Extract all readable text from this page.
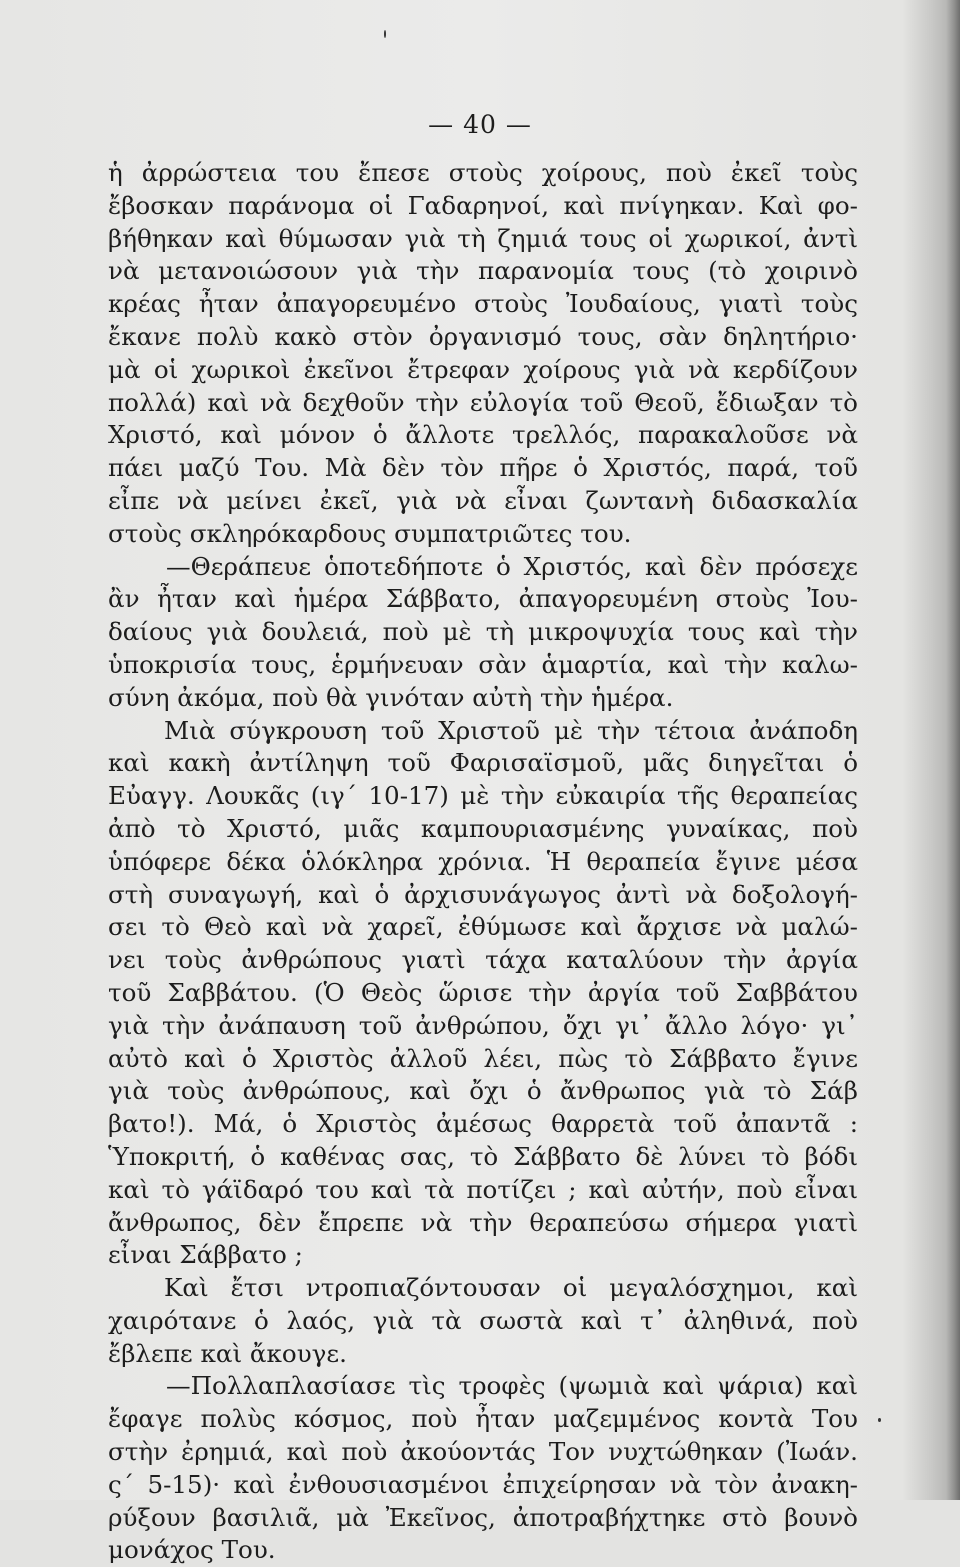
— 40 —
ἡ ἀρρώστεια του ἔπεσε στοὺς χοίρους, ποὺ ἐκεῖ τοὺς
ἔβοσκαν παράνομα οἱ Γαδαρηνοί, καὶ πνίγηκαν. Καὶ φο-
βήθηκαν καὶ θύμωσαν γιὰ τὴ ζημιά τους οἱ χωρικοί, ἀντὶ
νὰ μετανοιώσουν γιὰ τὴν παρανομία τους (τὸ χοιρινὸ
κρέας ἦταν ἀπαγορευμένο στοὺς Ἰουδαίους, γιατὶ τοὺς
ἔκανε πολὺ κακὸ στὸν ὀργανισμό τους, σὰν δηλητήριο·
μὰ οἱ χωρικοὶ ἐκεῖνοι ἔτρεφαν χοίρους γιὰ νὰ κερδίζουν
πολλά) καὶ νὰ δεχθοῦν τὴν εὐλογία τοῦ Θεοῦ, ἔδιωξαν τὸ
Χριστό, καὶ μόνον ὁ ἄλλοτε τρελλός, παρακαλοῦσε νὰ
πάει μαζύ Του. Μὰ δὲν τὸν πῆρε ὁ Χριστός, παρά, τοῦ
εἶπε νὰ μείνει ἐκεῖ, γιὰ νὰ εἶναι ζωντανὴ διδασκαλία
στοὺς σκληρόκαρδους συμπατριῶτες του.
—Θεράπευε ὁποτεδήποτε ὁ Χριστός, καὶ δὲν πρόσεχε
ἂν ἦταν καὶ ἡμέρα Σάββατο, ἀπαγορευμένη στοὺς Ἰου-
δαίους γιὰ δουλειά, ποὺ μὲ τὴ μικροψυχία τους καὶ τὴν
ὑποκρισία τους, ἑρμήνευαν σὰν ἁμαρτία, καὶ τὴν καλω-
σύνη ἀκόμα, ποὺ θὰ γινόταν αὐτὴ τὴν ἡμέρα.
Μιὰ σύγκρουση τοῦ Χριστοῦ μὲ τὴν τέτοια ἀνάποδη
καὶ κακὴ ἀντίληψη τοῦ Φαρισαϊσμοῦ, μᾶς διηγεῖται ὁ
Εὐαγγ. Λουκᾶς (ιγ΄ 10-17) μὲ τὴν εὐκαιρία τῆς θεραπείας
ἀπὸ τὸ Χριστό, μιᾶς καμπουριασμένης γυναίκας, ποὺ
ὑπόφερε δέκα ὁλόκληρα χρόνια. Ἡ θεραπεία ἔγινε μέσα
στὴ συναγωγή, καὶ ὁ ἀρχισυνάγωγος ἀντὶ νὰ δοξολογή-
σει τὸ Θεὸ καὶ νὰ χαρεῖ, ἐθύμωσε καὶ ἄρχισε νὰ μαλώ-
νει τοὺς ἀνθρώπους γιατὶ τάχα καταλύουν τὴν ἀργία
τοῦ Σαββάτου. (Ὁ Θεὸς ὥρισε τὴν ἀργία τοῦ Σαββάτου
γιὰ τὴν ἀνάπαυση τοῦ ἀνθρώπου, ὄχι γι᾽ ἄλλο λόγο· γι᾽
αὐτὸ καὶ ὁ Χριστὸς ἀλλοῦ λέει, πὼς τὸ Σάββατο ἔγινε
γιὰ τοὺς ἀνθρώπους, καὶ ὄχι ὁ ἄνθρωπος γιὰ τὸ Σάβ
βατο!). Μά, ὁ Χριστὸς ἀμέσως θαρρετὰ τοῦ ἀπαντᾶ :
Ὑποκριτή, ὁ καθένας σας, τὸ Σάββατο δὲ λύνει τὸ βόδι
καὶ τὸ γάϊδαρό του καὶ τὰ ποτίζει ; καὶ αὐτήν, ποὺ εἶναι
ἄνθρωπος, δὲν ἔπρεπε νὰ τὴν θεραπεύσω σήμερα γιατὶ
εἶναι Σάββατο ;
Καὶ ἔτσι ντροπιαζόντουσαν οἱ μεγαλόσχημοι, καὶ
χαιρότανε ὁ λαός, γιὰ τὰ σωστὰ καὶ τ᾽ ἀληθινά, ποὺ
ἔβλεπε καὶ ἄκουγε.
—Πολλαπλασίασε τὶς τροφὲς (ψωμιὰ καὶ ψάρια) καὶ
ἔφαγε πολὺς κόσμος, ποὺ ἦταν μαζεμμένος κοντὰ Του
στὴν ἐρημιά, καὶ ποὺ ἀκούοντάς Τον νυχτώθηκαν (Ἰωάν.
ς΄ 5-15)· καὶ ἐνθουσιασμένοι ἐπιχείρησαν νὰ τὸν ἀνακη-
ρύξουν βασιλιᾶ, μὰ Ἐκεῖνος, ἀποτραβήχτηκε στὸ βουνὸ
μονάχος Του.
